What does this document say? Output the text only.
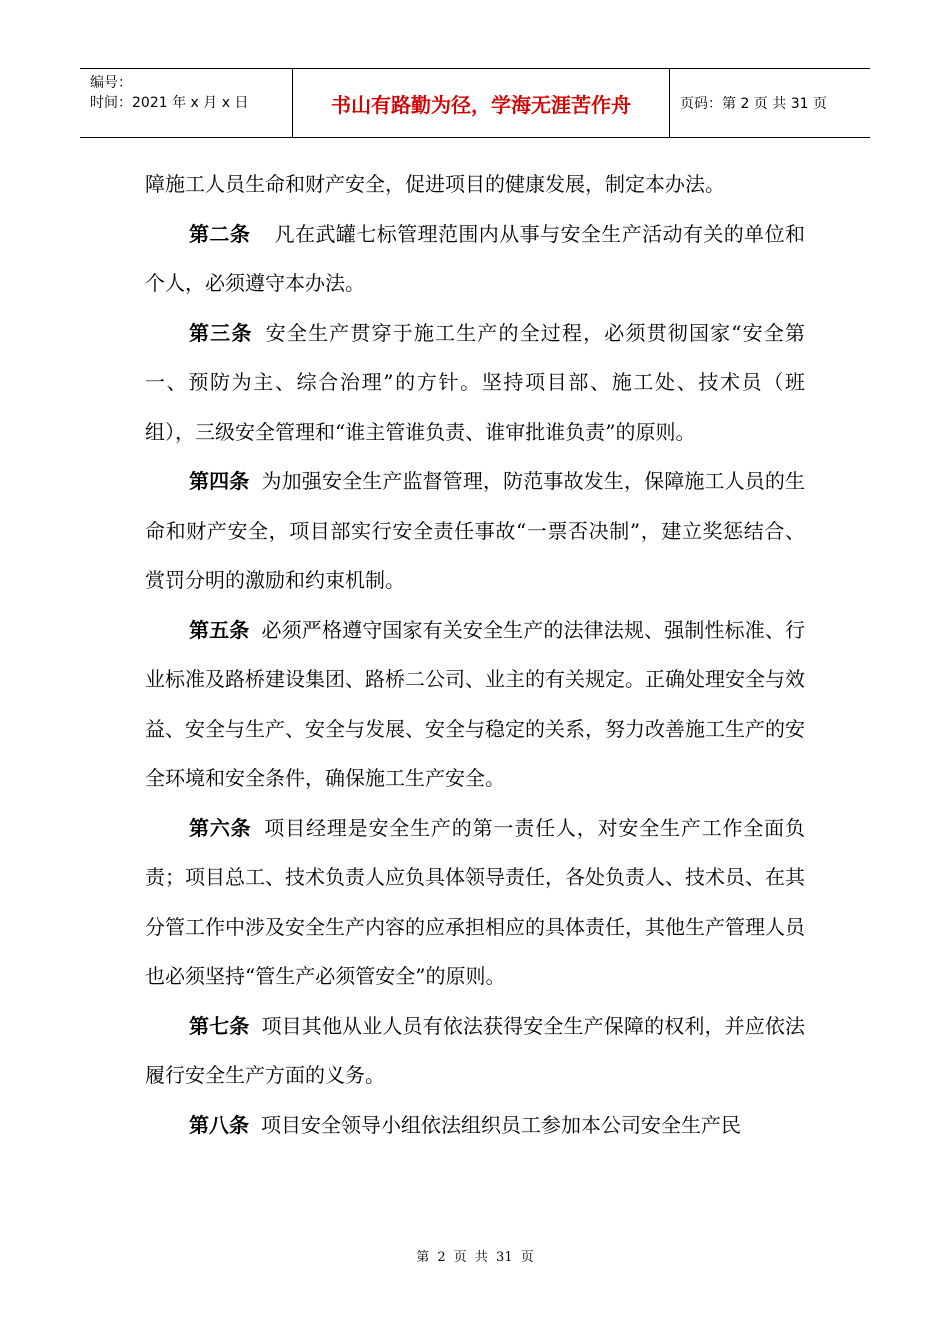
编号：
时间：2021 年 x 月 x 日	书山有路勤为径，学海无涯苦作舟	页码：第 2 页 共 31 页

障施工人员生命和财产安全，促进项目的健康发展，制定本办法。

第二条 凡在武罐七标管理范围内从事与安全生产活动有关的单位和个人，必须遵守本办法。

第三条 安全生产贯穿于施工生产的全过程，必须贯彻国家“安全第一、预防为主、综合治理”的方针。坚持项目部、施工处、技术员（班组），三级安全管理和“谁主管谁负责、谁审批谁负责”的原则。

第四条 为加强安全生产监督管理，防范事故发生，保障施工人员的生命和财产安全，项目部实行安全责任事故“一票否决制”，建立奖惩结合、赏罚分明的激励和约束机制。

第五条 必须严格遵守国家有关安全生产的法律法规、强制性标准、行业标准及路桥建设集团、路桥二公司、业主的有关规定。正确处理安全与效益、安全与生产、安全与发展、安全与稳定的关系，努力改善施工生产的安全环境和安全条件，确保施工生产安全。

第六条 项目经理是安全生产的第一责任人，对安全生产工作全面负责；项目总工、技术负责人应负具体领导责任，各处负责人、技术员、在其分管工作中涉及安全生产内容的应承担相应的具体责任，其他生产管理人员也必须坚持“管生产必须管安全”的原则。

第七条 项目其他从业人员有依法获得安全生产保障的权利，并应依法履行安全生产方面的义务。

第八条 项目安全领导小组依法组织员工参加本公司安全生产民

第 2 页 共 31 页
